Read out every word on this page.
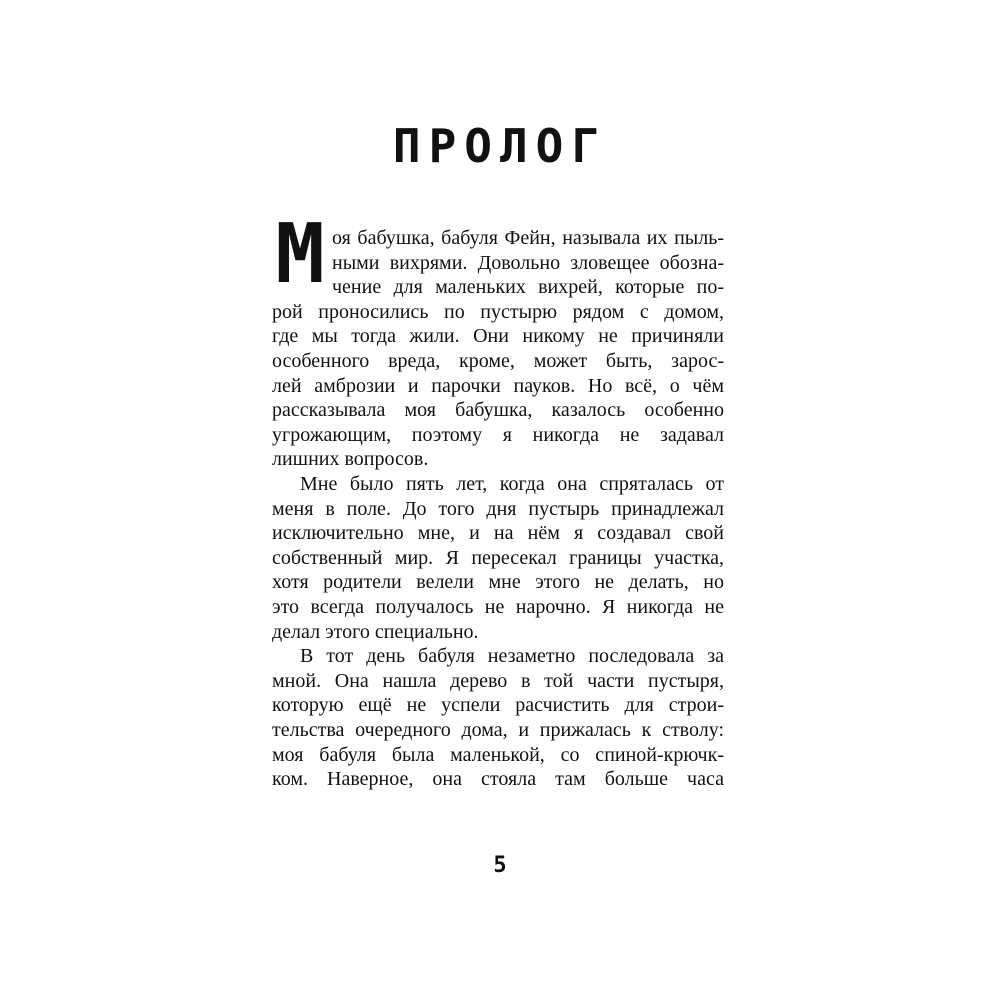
ПРОЛОГ
М оя бабушка, бабуля Фейн, называла их пыль-
ными вихрями. Довольно зловещее обозна-
чение для маленьких вихрей, которые по-
рой проносились по пустырю рядом с домом,
где мы тогда жили. Они никому не причиняли
особенного вреда, кроме, может быть, зарос-
лей амброзии и парочки пауков. Но всё, о чём
рассказывала моя бабушка, казалось особенно
угрожающим, поэтому я никогда не задавал
лишних вопросов.
Мне было пять лет, когда она спряталась от
меня в поле. До того дня пустырь принадлежал
исключительно мне, и на нём я создавал свой
собственный мир. Я пересекал границы участка,
хотя родители велели мне этого не делать, но
это всегда получалось не нарочно. Я никогда не
делал этого специально.
В тот день бабуля незаметно последовала за
мной. Она нашла дерево в той части пустыря,
которую ещё не успели расчистить для строи-
тельства очередного дома, и прижалась к стволу:
моя бабуля была маленькой, со спиной-крючк-
ком. Наверное, она стояла там больше часа
5
